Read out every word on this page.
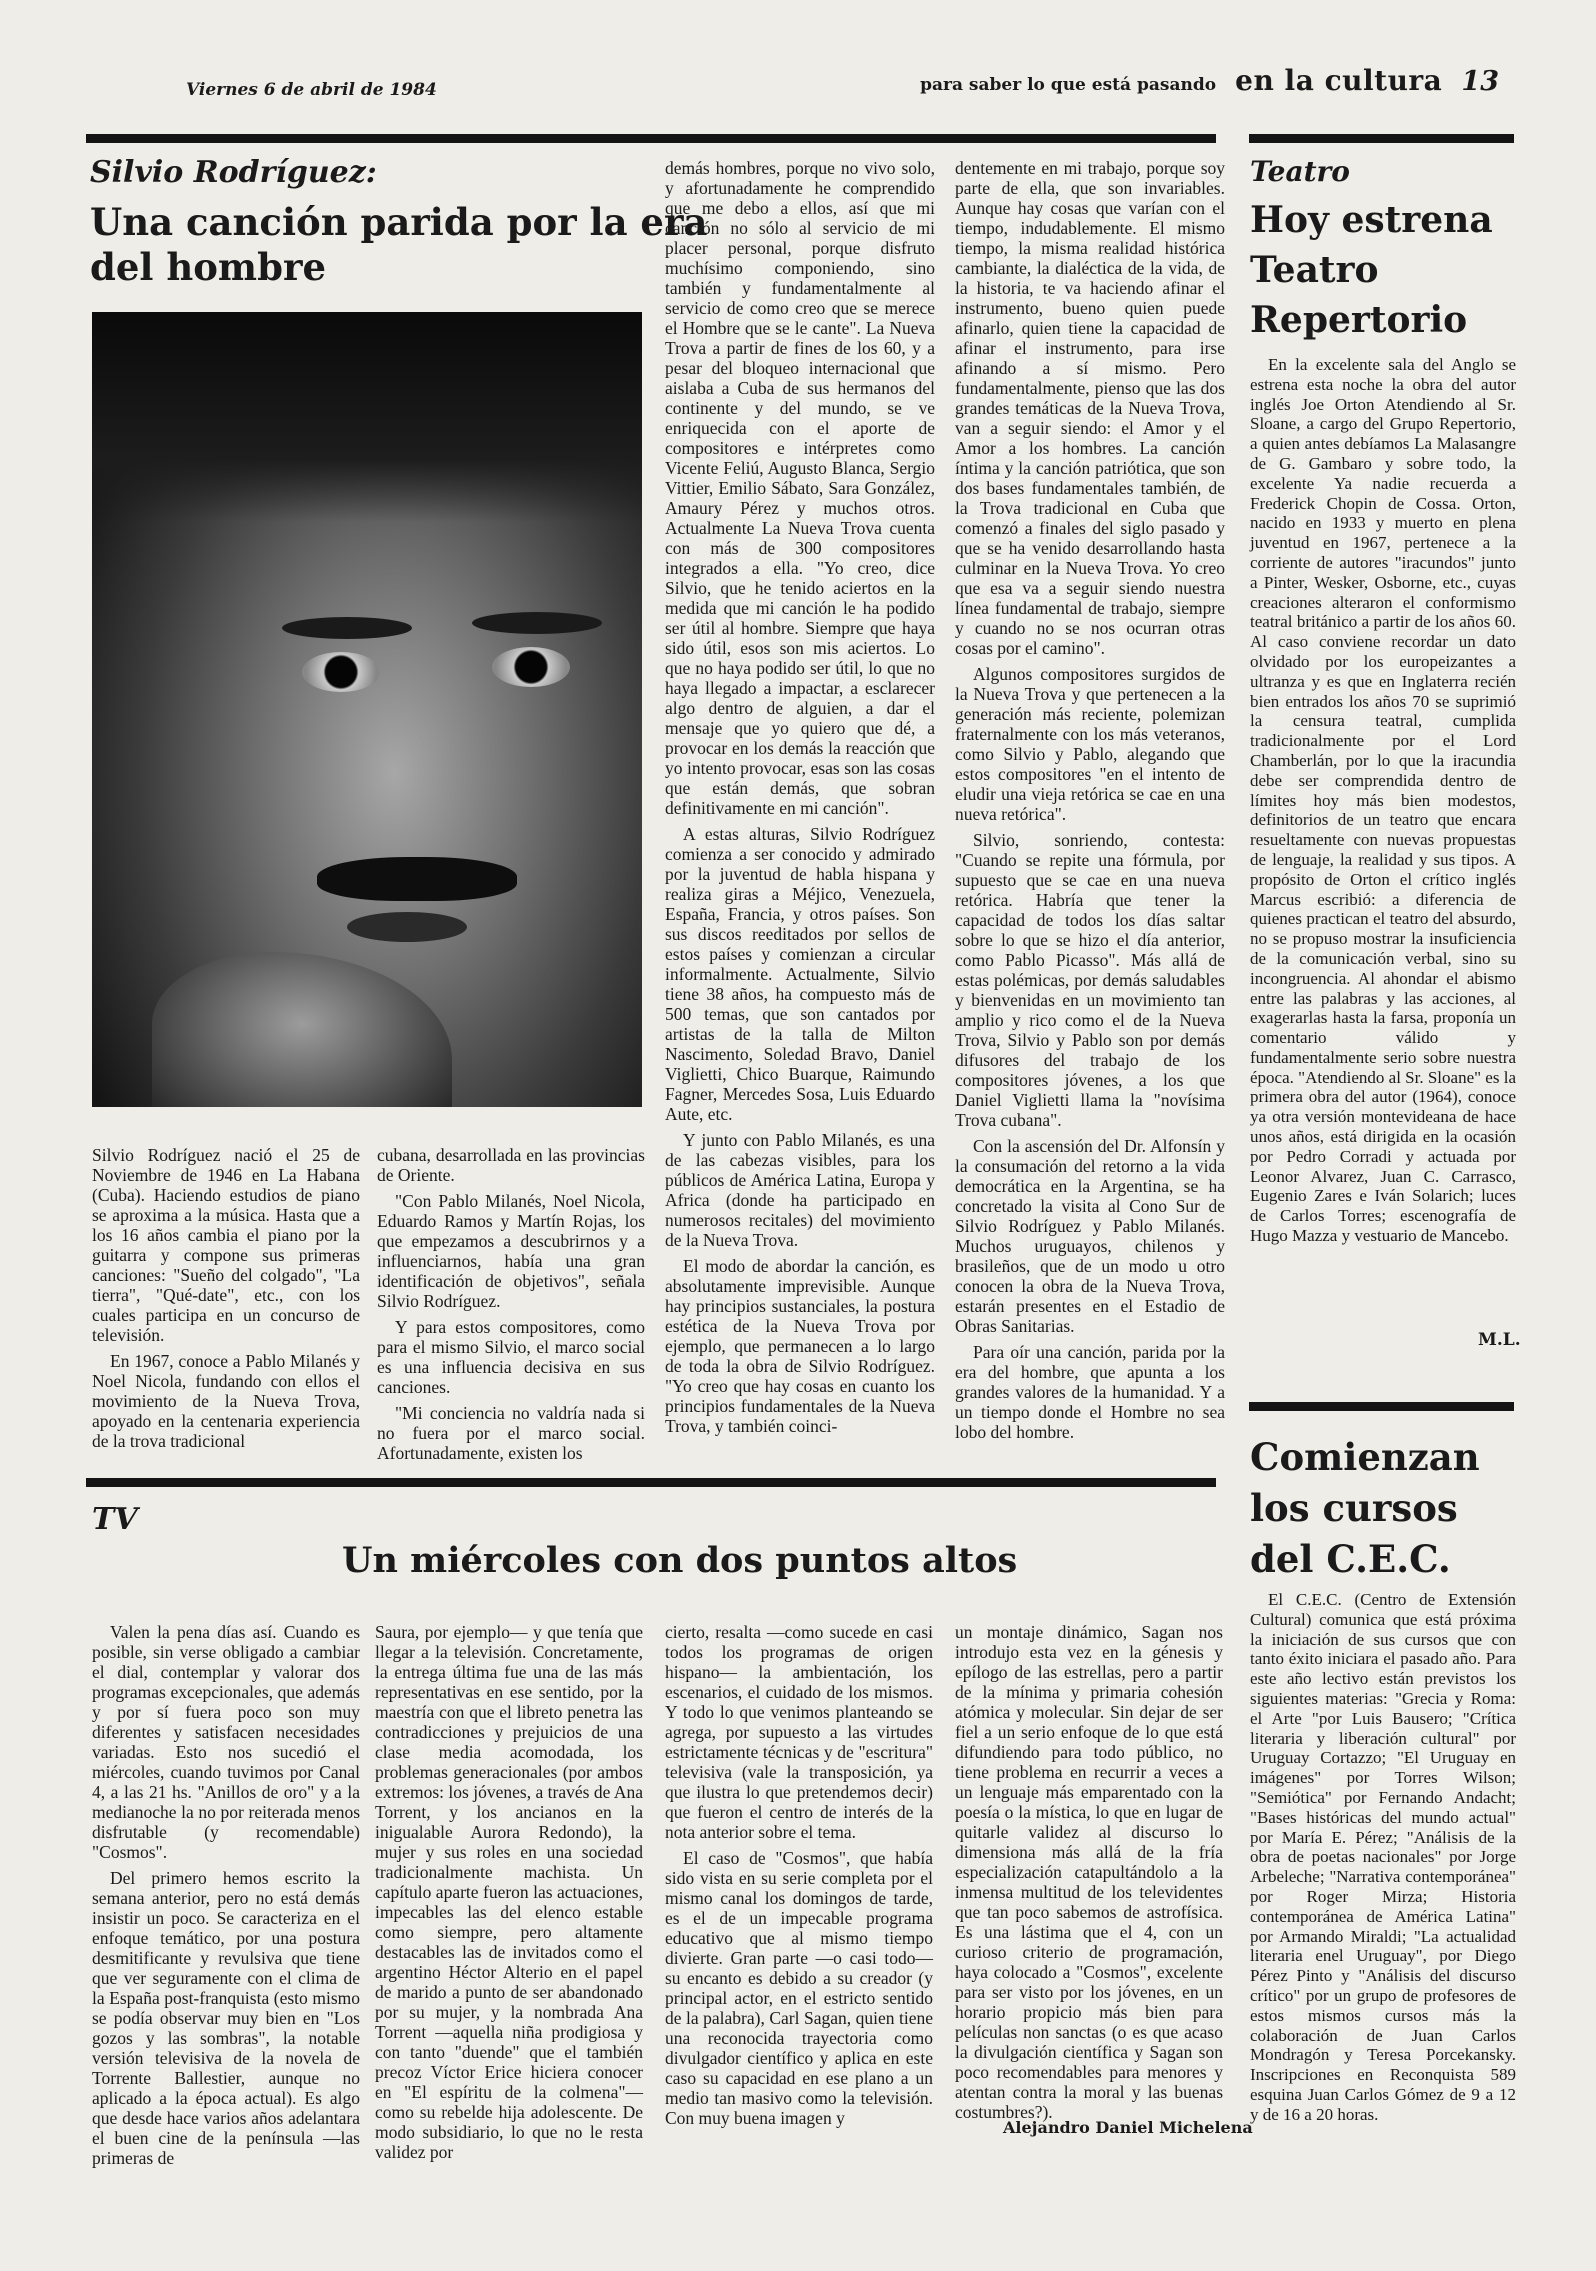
Viernes 6 de abril de 1984	para saber lo que está pasando en la cultura 13
Silvio Rodríguez:
Una canción parida por la era
del hombre

Silvio Rodríguez nació el 25 de Noviembre de 1946 en La Habana (Cuba). Haciendo estudios de piano se aproxima a la música. Hasta que a los 16 años cambia el piano por la guitarra y compone sus primeras canciones: "Sueño del colgado", "La tierra", "Qué-date", etc., con los cuales participa en un concurso de televisión.

En 1967, conoce a Pablo Milanés y Noel Nicola, fundando con ellos el movimiento de la Nueva Trova, apoyado en la centenaria experiencia de la trova tradicional

cubana, desarrollada en las provincias de Oriente.

"Con Pablo Milanés, Noel Nicola, Eduardo Ramos y Martín Rojas, los que empezamos a descubrirnos y a influenciarnos, había una gran identificación de objetivos", señala Silvio Rodríguez.

Y para estos compositores, como para el mismo Silvio, el marco social es una influencia decisiva en sus canciones.

"Mi conciencia no valdría nada si no fuera por el marco social. Afortunadamente, existen los

demás hombres, porque no vivo solo, y afortunadamente he comprendido que me debo a ellos, así que mi canción no sólo al servicio de mi placer personal, porque disfruto muchísimo componiendo, sino también y fundamentalmente al servicio de como creo que se merece el Hombre que se le cante". La Nueva Trova a partir de fines de los 60, y a pesar del bloqueo internacional que aislaba a Cuba de sus hermanos del continente y del mundo, se ve enriquecida con el aporte de compositores e intérpretes como Vicente Feliú, Augusto Blanca, Sergio Vittier, Emilio Sábato, Sara González, Amaury Pérez y muchos otros. Actualmente La Nueva Trova cuenta con más de 300 compositores integrados a ella. "Yo creo, dice Silvio, que he tenido aciertos en la medida que mi canción le ha podido ser útil al hombre. Siempre que haya sido útil, esos son mis aciertos. Lo que no haya podido ser útil, lo que no haya llegado a impactar, a esclarecer algo dentro de alguien, a dar el mensaje que yo quiero que dé, a provocar en los demás la reacción que yo intento provocar, esas son las cosas que están demás, que sobran definitivamente en mi canción".

A estas alturas, Silvio Rodríguez comienza a ser conocido y admirado por la juventud de habla hispana y realiza giras a Méjico, Venezuela, España, Francia, y otros países. Son sus discos reeditados por sellos de estos países y comienzan a circular informalmente. Actualmente, Silvio tiene 38 años, ha compuesto más de 500 temas, que son cantados por artistas de la talla de Milton Nascimento, Soledad Bravo, Daniel Viglietti, Chico Buarque, Raimundo Fagner, Mercedes Sosa, Luis Eduardo Aute, etc.

Y junto con Pablo Milanés, es una de las cabezas visibles, para los públicos de América Latina, Europa y Africa (donde ha participado en numerosos recitales) del movimiento de la Nueva Trova.

El modo de abordar la canción, es absolutamente imprevisible. Aunque hay principios sustanciales, la postura estética de la Nueva Trova por ejemplo, que permanecen a lo largo de toda la obra de Silvio Rodríguez. "Yo creo que hay cosas en cuanto los principios fundamentales de la Nueva Trova, y también coinci-

dentemente en mi trabajo, porque soy parte de ella, que son invariables. Aunque hay cosas que varían con el tiempo, indudablemente. El mismo tiempo, la misma realidad histórica cambiante, la dialéctica de la vida, de la historia, te va haciendo afinar el instrumento, bueno quien puede afinarlo, quien tiene la capacidad de afinar el instrumento, para irse afinando a sí mismo. Pero fundamentalmente, pienso que las dos grandes temáticas de la Nueva Trova, van a seguir siendo: el Amor y el Amor a los hombres. La canción íntima y la canción patriótica, que son dos bases fundamentales también, de la Trova tradicional en Cuba que comenzó a finales del siglo pasado y que se ha venido desarrollando hasta culminar en la Nueva Trova. Yo creo que esa va a seguir siendo nuestra línea fundamental de trabajo, siempre y cuando no se nos ocurran otras cosas por el camino".

Algunos compositores surgidos de la Nueva Trova y que pertenecen a la generación más reciente, polemizan fraternalmente con los más veteranos, como Silvio y Pablo, alegando que estos compositores "en el intento de eludir una vieja retórica se cae en una nueva retórica".

Silvio, sonriendo, contesta: "Cuando se repite una fórmula, por supuesto que se cae en una nueva retórica. Habría que tener la capacidad de todos los días saltar sobre lo que se hizo el día anterior, como Pablo Picasso". Más allá de estas polémicas, por demás saludables y bienvenidas en un movimiento tan amplio y rico como el de la Nueva Trova, Silvio y Pablo son por demás difusores del trabajo de los compositores jóvenes, a los que Daniel Viglietti llama la "novísima Trova cubana".

Con la ascensión del Dr. Alfonsín y la consumación del retorno a la vida democrática en la Argentina, se ha concretado la visita al Cono Sur de Silvio Rodríguez y Pablo Milanés. Muchos uruguayos, chilenos y brasileños, que de un modo u otro conocen la obra de la Nueva Trova, estarán presentes en el Estadio de Obras Sanitarias.

Para oír una canción, parida por la era del hombre, que apunta a los grandes valores de la humanidad. Y a un tiempo donde el Hombre no sea lobo del hombre.

Teatro
Hoy estrena
Teatro
Repertorio

En la excelente sala del Anglo se estrena esta noche la obra del autor inglés Joe Orton Atendiendo al Sr. Sloane, a cargo del Grupo Repertorio, a quien antes debíamos La Malasangre de G. Gambaro y sobre todo, la excelente Ya nadie recuerda a Frederick Chopin de Cossa. Orton, nacido en 1933 y muerto en plena juventud en 1967, pertenece a la corriente de autores "iracundos" junto a Pinter, Wesker, Osborne, etc., cuyas creaciones alteraron el conformismo teatral británico a partir de los años 60. Al caso conviene recordar un dato olvidado por los europeizantes a ultranza y es que en Inglaterra recién bien entrados los años 70 se suprimió la censura teatral, cumplida tradicionalmente por el Lord Chamberlán, por lo que la iracundia debe ser comprendida dentro de límites hoy más bien modestos, definitorios de un teatro que encara resueltamente con nuevas propuestas de lenguaje, la realidad y sus tipos. A propósito de Orton el crítico inglés Marcus escribió: a diferencia de quienes practican el teatro del absurdo, no se propuso mostrar la insuficiencia de la comunicación verbal, sino su incongruencia. Al ahondar el abismo entre las palabras y las acciones, al exagerarlas hasta la farsa, proponía un comentario válido y fundamentalmente serio sobre nuestra época. "Atendiendo al Sr. Sloane" es la primera obra del autor (1964), conoce ya otra versión montevideana de hace unos años, está dirigida en la ocasión por Pedro Corradi y actuada por Leonor Alvarez, Juan C. Carrasco, Eugenio Zares e Iván Solarich; luces de Carlos Torres; escenografía de Hugo Mazza y vestuario de Mancebo.

M.L.
Comienzan
los cursos
del C.E.C.

El C.E.C. (Centro de Extensión Cultural) comunica que está próxima la iniciación de sus cursos que con tanto éxito iniciara el pasado año. Para este año lectivo están previstos los siguientes materias: "Grecia y Roma: el Arte "por Luis Bausero; "Crítica literaria y liberación cultural" por Uruguay Cortazzo; "El Uruguay en imágenes" por Torres Wilson; "Semiótica" por Fernando Andacht; "Bases históricas del mundo actual" por María E. Pérez; "Análisis de la obra de poetas nacionales" por Jorge Arbeleche; "Narrativa contemporánea" por Roger Mirza; Historia contemporánea de América Latina" por Armando Miraldi; "La actualidad literaria enel Uruguay", por Diego Pérez Pinto y "Análisis del discurso crítico" por un grupo de profesores de estos mismos cursos más la colaboración de Juan Carlos Mondragón y Teresa Porcekansky. Inscripciones en Reconquista 589 esquina Juan Carlos Gómez de 9 a 12 y de 16 a 20 horas.

TV
Un miércoles con dos puntos altos

Valen la pena días así. Cuando es posible, sin verse obligado a cambiar el dial, contemplar y valorar dos programas excepcionales, que además y por sí fuera poco son muy diferentes y satisfacen necesidades variadas. Esto nos sucedió el miércoles, cuando tuvimos por Canal 4, a las 21 hs. "Anillos de oro" y a la medianoche la no por reiterada menos disfrutable (y recomendable) "Cosmos".

Del primero hemos escrito la semana anterior, pero no está demás insistir un poco. Se caracteriza en el enfoque temático, por una postura desmitificante y revulsiva que tiene que ver seguramente con el clima de la España post-franquista (esto mismo se podía observar muy bien en "Los gozos y las sombras", la notable versión televisiva de la novela de Torrente Ballestier, aunque no aplicado a la época actual). Es algo que desde hace varios años adelantara el buen cine de la península —las primeras de

Saura, por ejemplo— y que tenía que llegar a la televisión. Concretamente, la entrega última fue una de las más representativas en ese sentido, por la maestría con que el libreto penetra las contradicciones y prejuicios de una clase media acomodada, los problemas generacionales (por ambos extremos: los jóvenes, a través de Ana Torrent, y los ancianos en la inigualable Aurora Redondo), la mujer y sus roles en una sociedad tradicionalmente machista. Un capítulo aparte fueron las actuaciones, impecables las del elenco estable como siempre, pero altamente destacables las de invitados como el argentino Héctor Alterio en el papel de marido a punto de ser abandonado por su mujer, y la nombrada Ana Torrent —aquella niña prodigiosa y con tanto "duende" que el también precoz Víctor Erice hiciera conocer en "El espíritu de la colmena"— como su rebelde hija adolescente. De modo subsidiario, lo que no le resta validez por

cierto, resalta —como sucede en casi todos los programas de origen hispano— la ambientación, los escenarios, el cuidado de los mismos. Y todo lo que venimos planteando se agrega, por supuesto a las virtudes estrictamente técnicas y de "escritura" televisiva (vale la transposición, ya que ilustra lo que pretendemos decir) que fueron el centro de interés de la nota anterior sobre el tema.

El caso de "Cosmos", que había sido vista en su serie completa por el mismo canal los domingos de tarde, es el de un impecable programa educativo que al mismo tiempo divierte. Gran parte —o casi todo— su encanto es debido a su creador (y principal actor, en el estricto sentido de la palabra), Carl Sagan, quien tiene una reconocida trayectoria como divulgador científico y aplica en este caso su capacidad en ese plano a un medio tan masivo como la televisión. Con muy buena imagen y

un montaje dinámico, Sagan nos introdujo esta vez en la génesis y epílogo de las estrellas, pero a partir de la mínima y primaria cohesión atómica y molecular. Sin dejar de ser fiel a un serio enfoque de lo que está difundiendo para todo público, no tiene problema en recurrir a veces a un lenguaje más emparentado con la poesía o la mística, lo que en lugar de quitarle validez al discurso lo dimensiona más allá de la fría especialización catapultándolo a la inmensa multitud de los televidentes que tan poco sabemos de astrofísica. Es una lástima que el 4, con un curioso criterio de programación, haya colocado a "Cosmos", excelente para ser visto por los jóvenes, en un horario propicio más bien para películas non sanctas (o es que acaso la divulgación científica y Sagan son poco recomendables para menores y atentan contra la moral y las buenas costumbres?).

Alejandro Daniel Michelena
